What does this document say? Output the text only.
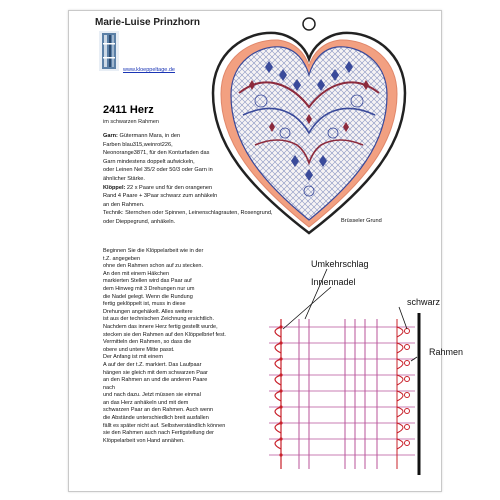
Marie-Luise Prinzhorn
www.kloeppeltage.de
2411 Herz
im schwarzen Rahmen

Garn: Gütermann Mara, in den

Farben blau315,weinrot226,

Neonorange3871, für den Konturfaden das

Garn mindestens doppelt aufwickeln,

oder Leinen Nel 35/2 oder 50/3 oder Garn in

ähnlicher Stärke.

Klöppel: 22 x Paare und für den orangenen

Rand 4 Paare + 3Paar schwarz zum anhäkeln

an den Rahmen.

Technik: Sternchen oder Spinnen, Leinenschlagrauten, Rosengrund,

oder Dieppegrund, anhäkeln.	Brüsseler Grund

Beginnen Sie die Klöppelarbeit wie in der

t.Z. angegeben

ohne den Rahmen schon auf zu stecken.

An den mit einem Häkchen

markierten Stellen wird das Paar auf

dem Hinweg mit 3 Drehungen nur um

die Nadel gelegt. Wenn die Rundung

fertig geklöppelt ist, muss in diese

Drehungen angehäkelt. Alles weitere

ist aus der technischen Zeichnung ersichtlich.

Nachdem das innere Herz fertig gestellt wurde,

stecken sie den Rahmen auf den Klöppelbrief fest.

Vermitteln den Rahmen, so dass die

obere und untere Mitte passt.

Der Anfang ist mit einem

A auf der der t.Z. markiert. Das Laufpaar

hängen sie gleich mit dem schwarzen Paar

an den Rahmen an und die anderen Paare

nach

und nach dazu. Jetzt müssen sie einmal

an das Herz anhäkeln und mit dem

schwarzen Paar an den Rahmen. Auch wenn

die Abstände unterschiedlich breit ausfallen

fällt es später nicht auf. Selbstverständlich können

sie den Rahmen auch nach Fertigstellung der

Klöppelarbeit von Hand annähen.

Umkehrschlag
Innennadel
schwarz
Rahmen
